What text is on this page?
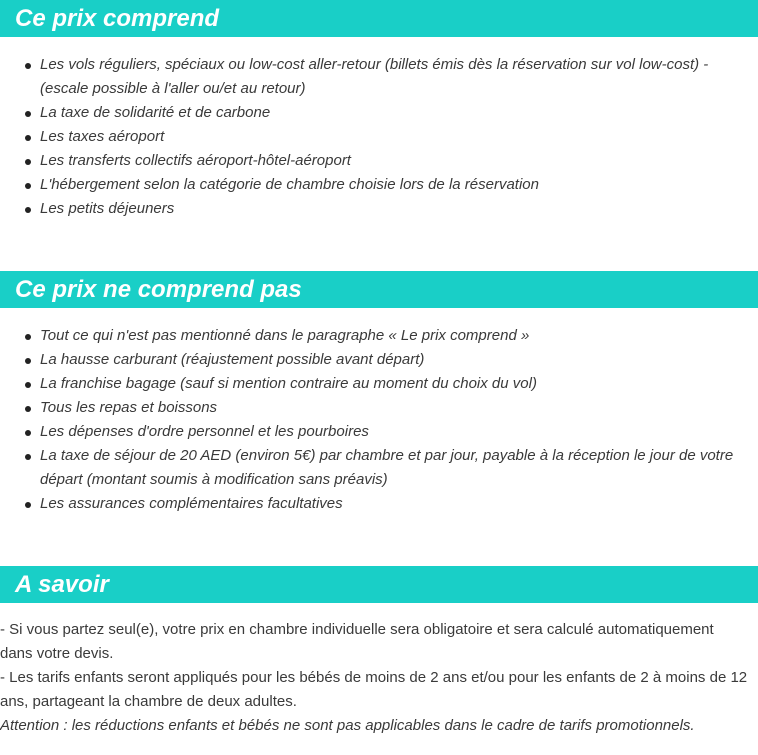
Ce prix comprend
Les vols réguliers, spéciaux ou low-cost aller-retour (billets émis dès la réservation sur vol low-cost) - (escale possible à l'aller ou/et au retour)
La taxe de solidarité et de carbone
Les taxes aéroport
Les transferts collectifs aéroport-hôtel-aéroport
L'hébergement selon la catégorie de chambre choisie lors de la réservation
Les petits déjeuners
Ce prix ne comprend pas
Tout ce qui n'est pas mentionné dans le paragraphe « Le prix comprend »
La hausse carburant (réajustement possible avant départ)
La franchise bagage (sauf si mention contraire au moment du choix du vol)
Tous les repas et boissons
Les dépenses d'ordre personnel et les pourboires
La taxe de séjour de 20 AED (environ 5€) par chambre et par jour, payable à la réception le jour de votre départ (montant soumis à modification sans préavis)
Les assurances complémentaires facultatives
A savoir

- Si vous partez seul(e), votre prix en chambre individuelle sera obligatoire et sera calculé automatiquement dans votre devis.

- Les tarifs enfants seront appliqués pour les bébés de moins de 2 ans et/ou pour les enfants de 2 à moins de 12 ans, partageant la chambre de deux adultes.

Attention : les réductions enfants et bébés ne sont pas applicables dans le cadre de tarifs promotionnels.
